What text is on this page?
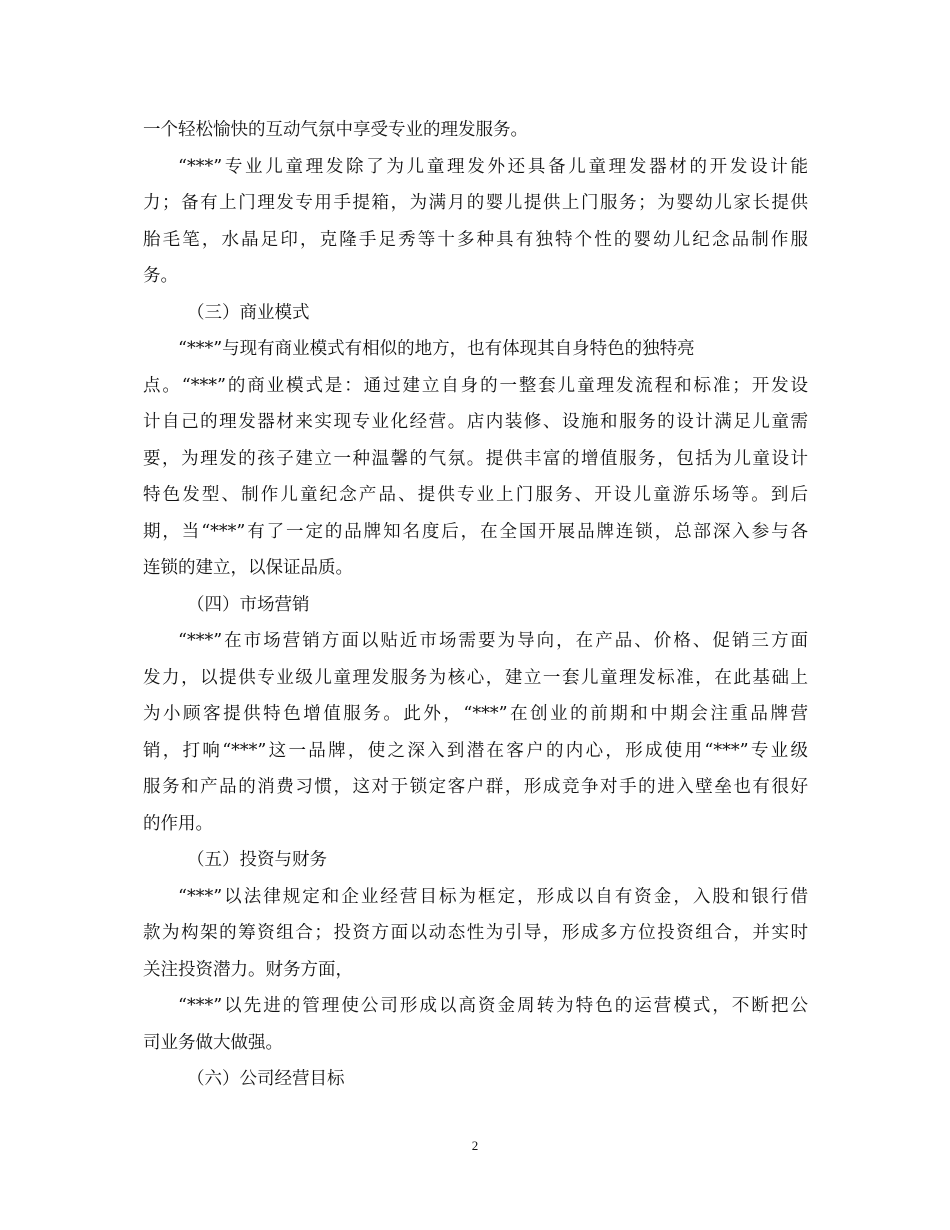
一个轻松愉快的互动气氛中享受专业的理发服务。
“***”专业儿童理发除了为儿童理发外还具备儿童理发器材的开发设计能
力；备有上门理发专用手提箱，为满月的婴儿提供上门服务；为婴幼儿家长提供
胎毛笔，水晶足印，克隆手足秀等十多种具有独特个性的婴幼儿纪念品制作服
务。
（三）商业模式
“***”与现有商业模式有相似的地方，也有体现其自身特色的独特亮
点。“***”的商业模式是：通过建立自身的一整套儿童理发流程和标准；开发设
计自己的理发器材来实现专业化经营。店内装修、设施和服务的设计满足儿童需
要，为理发的孩子建立一种温馨的气氛。提供丰富的增值服务，包括为儿童设计
特色发型、制作儿童纪念产品、提供专业上门服务、开设儿童游乐场等。到后
期，当“***”有了一定的品牌知名度后，在全国开展品牌连锁，总部深入参与各
连锁的建立，以保证品质。
（四）市场营销
“***”在市场营销方面以贴近市场需要为导向，在产品、价格、促销三方面
发力，以提供专业级儿童理发服务为核心，建立一套儿童理发标准，在此基础上
为小顾客提供特色增值服务。此外，“***”在创业的前期和中期会注重品牌营
销，打响“***”这一品牌，使之深入到潜在客户的内心，形成使用“***”专业级
服务和产品的消费习惯，这对于锁定客户群，形成竞争对手的进入壁垒也有很好
的作用。
（五）投资与财务
“***”以法律规定和企业经营目标为框定，形成以自有资金，入股和银行借
款为构架的筹资组合；投资方面以动态性为引导，形成多方位投资组合，并实时
关注投资潜力。财务方面，
“***”以先进的管理使公司形成以高资金周转为特色的运营模式，不断把公
司业务做大做强。
（六）公司经营目标
2
